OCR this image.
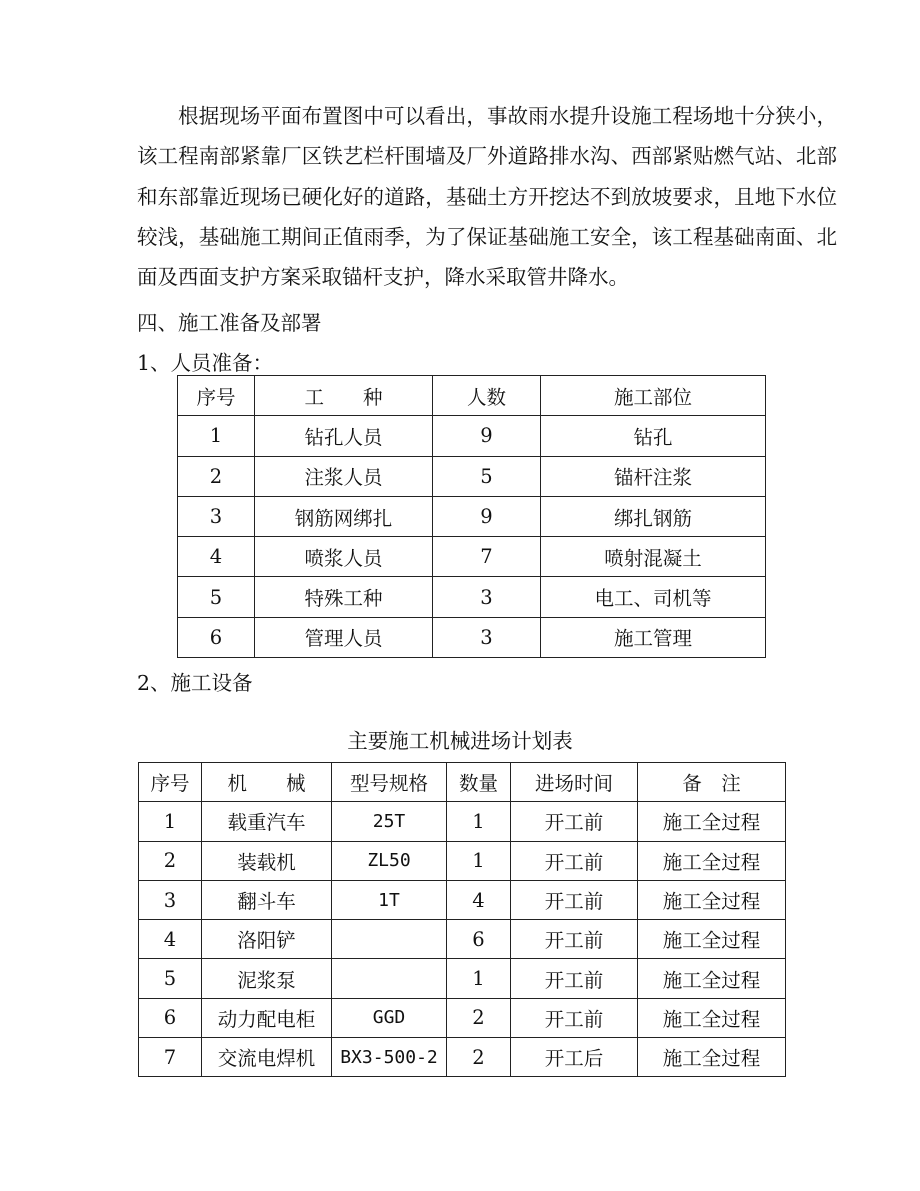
根据现场平面布置图中可以看出，事故雨水提升设施工程场地十分狭小，该工程南部紧靠厂区铁艺栏杆围墙及厂外道路排水沟、西部紧贴燃气站、北部和东部靠近现场已硬化好的道路，基础土方开挖达不到放坡要求，且地下水位较浅，基础施工期间正值雨季，为了保证基础施工安全，该工程基础南面、北面及西面支护方案采取锚杆支护，降水采取管井降水。

四、施工准备及部署

1、人员准备：

序号	工　　种	人数	施工部位
1	钻孔人员	9	钻孔
2	注浆人员	5	锚杆注浆
3	钢筋网绑扎	9	绑扎钢筋
4	喷浆人员	7	喷射混凝土
5	特殊工种	3	电工、司机等
6	管理人员	3	施工管理

2、施工设备

主要施工机械进场计划表

序号	机　　械	型号规格	数量	进场时间	备　注
1	载重汽车	25T	1	开工前	施工全过程
2	装载机	ZL50	1	开工前	施工全过程
3	翻斗车	1T	4	开工前	施工全过程
4	洛阳铲		6	开工前	施工全过程
5	泥浆泵		1	开工前	施工全过程
6	动力配电柜	GGD	2	开工前	施工全过程
7	交流电焊机	BX3-500-2	2	开工后	施工全过程
